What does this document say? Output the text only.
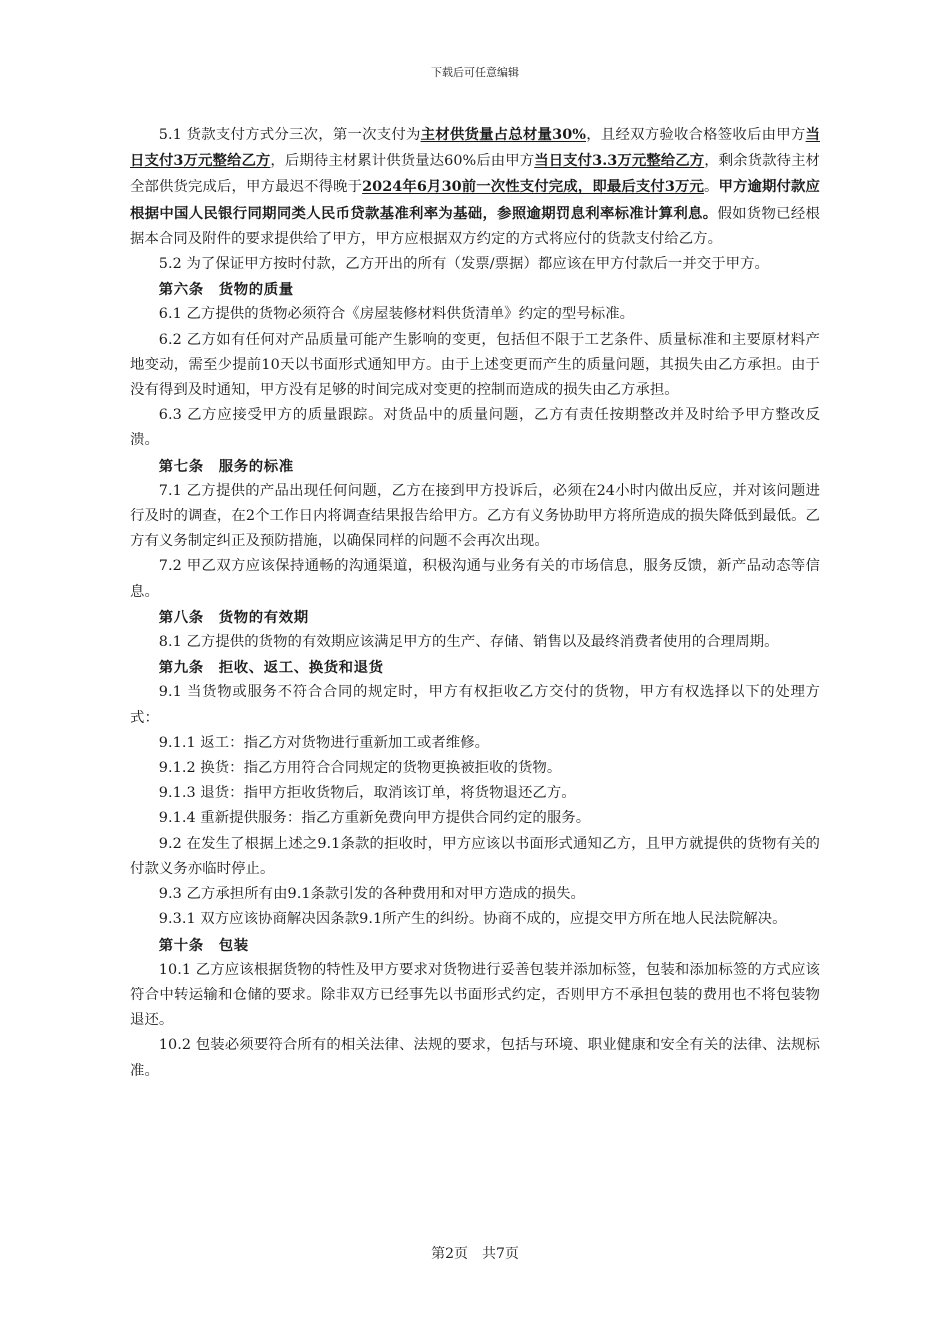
下载后可任意编辑

5.1 货款支付方式分三次，第一次支付为主材供货量占总材量30%，且经双方验收合格签收后由甲方当日支付3万元整给乙方，后期待主材累计供货量达60%后由甲方当日支付3.3万元整给乙方，剩余货款待主材全部供货完成后，甲方最迟不得晚于2024年6月30前一次性支付完成，即最后支付3万元。甲方逾期付款应根据中国人民银行同期同类人民币贷款基准利率为基础，参照逾期罚息利率标准计算利息。假如货物已经根据本合同及附件的要求提供给了甲方，甲方应根据双方约定的方式将应付的货款支付给乙方。

5.2 为了保证甲方按时付款，乙方开出的所有（发票/票据）都应该在甲方付款后一并交于甲方。

第六条　货物的质量

6.1 乙方提供的货物必须符合《房屋装修材料供货清单》约定的型号标准。

6.2 乙方如有任何对产品质量可能产生影响的变更，包括但不限于工艺条件、质量标准和主要原材料产地变动，需至少提前10天以书面形式通知甲方。由于上述变更而产生的质量问题，其损失由乙方承担。由于没有得到及时通知，甲方没有足够的时间完成对变更的控制而造成的损失由乙方承担。

6.3 乙方应接受甲方的质量跟踪。对货品中的质量问题，乙方有责任按期整改并及时给予甲方整改反溃。

第七条　服务的标准

7.1 乙方提供的产品出现任何问题，乙方在接到甲方投诉后，必须在24小时内做出反应，并对该问题进行及时的调查，在2个工作日内将调查结果报告给甲方。乙方有义务协助甲方将所造成的损失降低到最低。乙方有义务制定纠正及预防措施，以确保同样的问题不会再次出现。

7.2 甲乙双方应该保持通畅的沟通渠道，积极沟通与业务有关的市场信息，服务反馈，新产品动态等信息。

第八条　货物的有效期

8.1 乙方提供的货物的有效期应该满足甲方的生产、存储、销售以及最终消费者使用的合理周期。

第九条　拒收、返工、换货和退货

9.1 当货物或服务不符合合同的规定时，甲方有权拒收乙方交付的货物，甲方有权选择以下的处理方式：

9.1.1 返工：指乙方对货物进行重新加工或者维修。

9.1.2 换货：指乙方用符合合同规定的货物更换被拒收的货物。

9.1.3 退货：指甲方拒收货物后，取消该订单，将货物退还乙方。

9.1.4 重新提供服务：指乙方重新免费向甲方提供合同约定的服务。

9.2 在发生了根据上述之9.1条款的拒收时，甲方应该以书面形式通知乙方，且甲方就提供的货物有关的付款义务亦临时停止。

9.3 乙方承担所有由9.1条款引发的各种费用和对甲方造成的损失。

9.3.1 双方应该协商解决因条款9.1所产生的纠纷。协商不成的，应提交甲方所在地人民法院解决。

第十条　包装

10.1 乙方应该根据货物的特性及甲方要求对货物进行妥善包装并添加标签，包装和添加标签的方式应该符合中转运输和仓储的要求。除非双方已经事先以书面形式约定，否则甲方不承担包装的费用也不将包装物退还。

10.2 包装必须要符合所有的相关法律、法规的要求，包括与环境、职业健康和安全有关的法律、法规标准。

第2页　共7页
